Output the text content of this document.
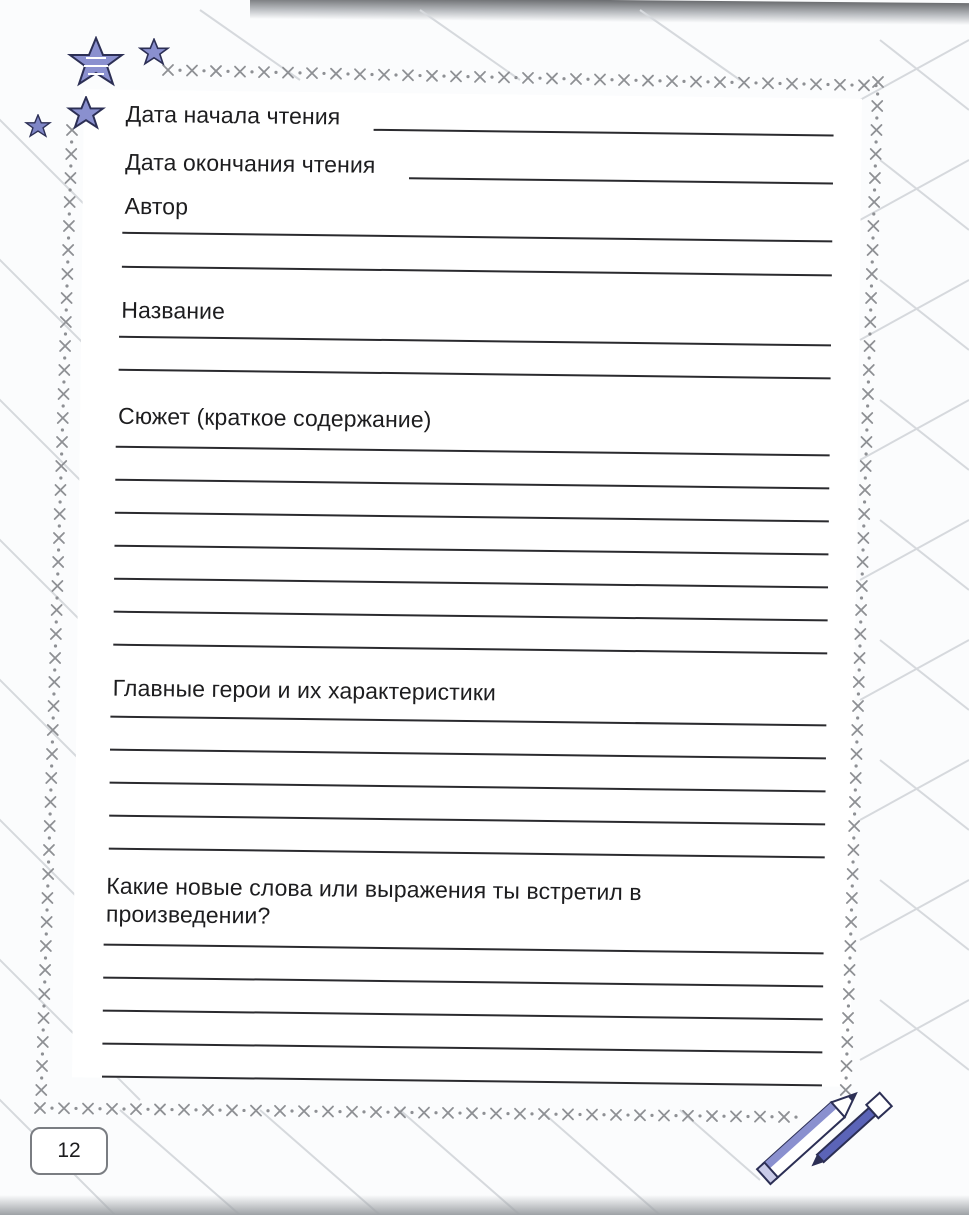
Дата начала чтения
Дата окончания чтения
Автор
Название
Сюжет (краткое содержание)
Главные герои и их характеристики
Какие новые слова или выражения ты встретил в произведении?
12
